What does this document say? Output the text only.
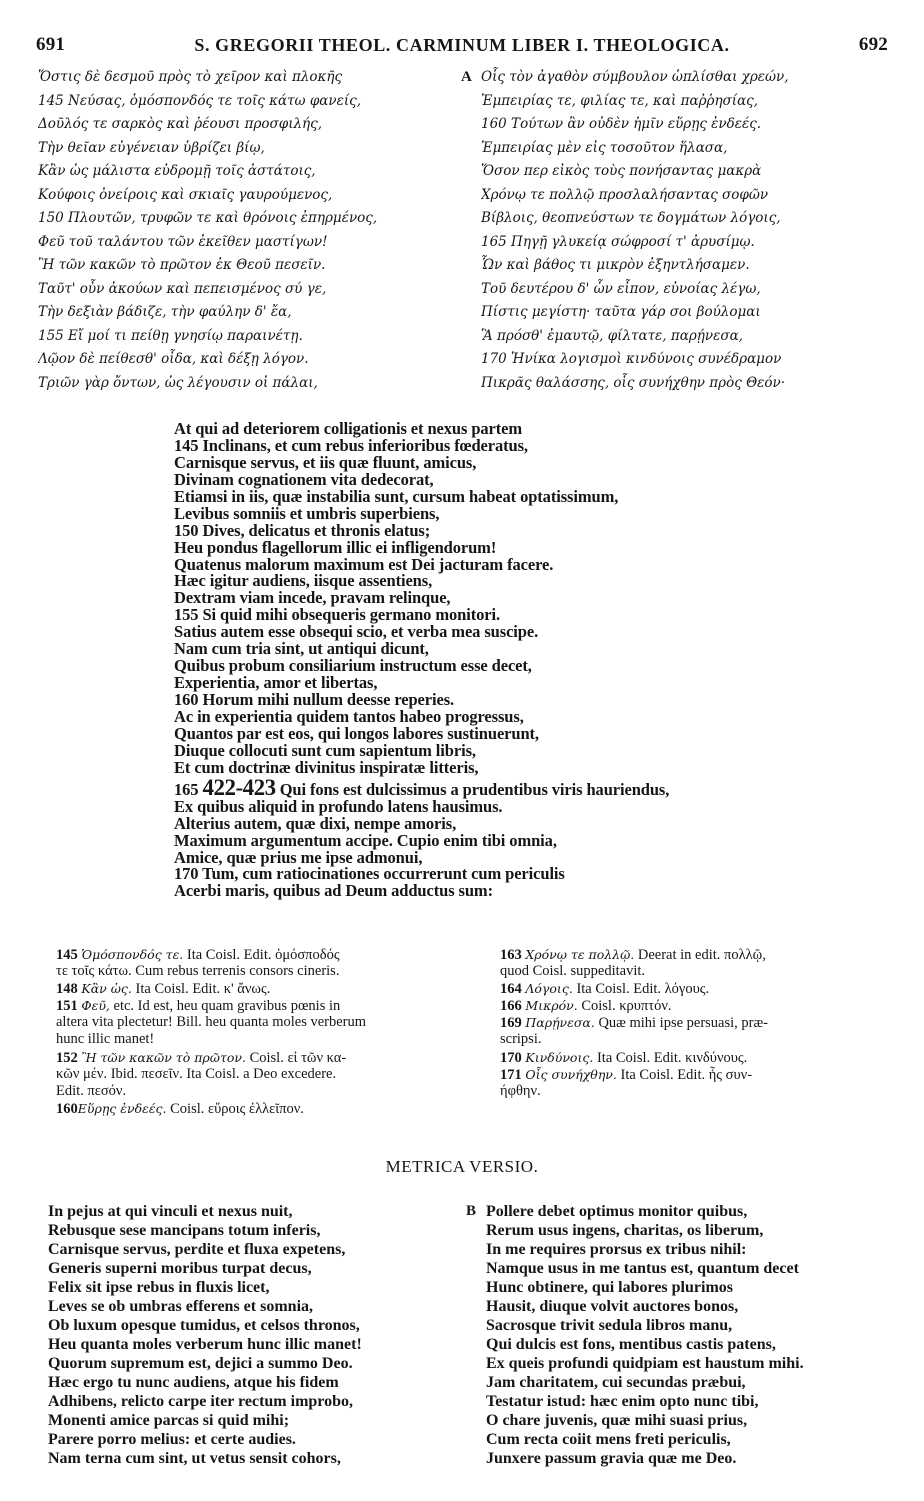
691	S. GREGORII THEOL. CARMINUM LIBER I. THEOLOGICA.	692
Ὅστις δὲ δεσμοῦ πρὸς τὸ χεῖρον καὶ πλοκῆς
145 Νεύσας, ὁμόσπονδός τε τοῖς κάτω φανείς,
Δοῦλός τε σαρκὸς καὶ ῥέουσι προσφιλής,
Τὴν θεῖαν εὐγένειαν ὑβρίζει βίῳ,
Κἂν ὡς μάλιστα εὐδρομῇ τοῖς ἀστάτοις,
Κούφοις ὀνείροις καὶ σκιαῖς γαυρούμενος,
150 Πλουτῶν, τρυφῶν τε καὶ θρόνοις ἐπηρμένος,
Φεῦ τοῦ ταλάντου τῶν ἐκεῖθεν μαστίγων!
Ἢ τῶν κακῶν τὸ πρῶτον ἐκ Θεοῦ πεσεῖν.
Ταῦτ' οὖν ἀκούων καὶ πεπεισμένος σύ γε,
Τὴν δεξιὰν βάδιζε, τὴν φαύλην δ' ἔα,
155 Εἴ μοί τι πείθῃ γνησίῳ παραινέτῃ.
Λῷον δὲ πείθεσθ' οἶδα, καὶ δέξῃ λόγον.
Τριῶν γὰρ ὄντων, ὡς λέγουσιν οἱ πάλαι,
A Οἷς τὸν ἀγαθὸν σύμβουλον ὡπλίσθαι χρεών,
Ἐμπειρίας τε, φιλίας τε, καὶ παῤῥησίας,
160 Τούτων ἂν οὐδὲν ἡμῖν εὕρῃς ἐνδεές.
Ἐμπειρίας μὲν εἰς τοσοῦτον ἥλασα,
Ὅσον περ εἰκὸς τοὺς πονήσαντας μακρὰ
Χρόνῳ τε πολλῷ προσλαλήσαντας σοφῶν
Βίβλοις, θεοπνεύστων τε δογμάτων λόγοις,
165 Πηγῇ γλυκείᾳ σώφροσί τ' ἀρυσίμῳ.
Ὧν καὶ βάθος τι μικρὸν ἐξηντλήσαμεν.
Τοῦ δευτέρου δ' ὧν εἶπον, εὐνοίας λέγω,
Πίστις μεγίστη· ταῦτα γάρ σοι βούλομαι
Ἃ πρόσθ' ἐμαυτῷ, φίλτατε, παρῄνεσα,
170 Ἡνίκα λογισμοὶ κινδύνοις συνέδραμον
Πικρᾶς θαλάσσης, οἷς συνήχθην πρὸς Θεόν·
At qui ad deteriorem colligationis et nexus partem
145 Inclinans, et cum rebus inferioribus fœderatus,
Carnisque servus, et iis quæ fluunt, amicus,
Divinam cognationem vita dedecorat,
Etiamsi in iis, quæ instabilia sunt, cursum habeat optatissimum,
Levibus somniis et umbris superbiens,
150 Dives, delicatus et thronis elatus;
Heu pondus flagellorum illic ei infligendorum!
Quatenus malorum maximum est Dei jacturam facere.
Hæc igitur audiens, iisque assentiens,
Dextram viam incede, pravam relinque,
155 Si quid mihi obsequeris germano monitori.
Satius autem esse obsequi scio, et verba mea suscipe.
Nam cum tria sint, ut antiqui dicunt,
Quibus probum consiliarium instructum esse decet,
Experientia, amor et libertas,
160 Horum mihi nullum deesse reperies.
Ac in experientia quidem tantos habeo progressus,
Quantos par est eos, qui longos labores sustinuerunt,
Diuque collocuti sunt cum sapientum libris,
Et cum doctrinæ divinitus inspiratæ litteris,
165 422-423 Qui fons est dulcissimus a prudentibus viris hauriendus,
Ex quibus aliquid in profundo latens hausimus.
Alterius autem, quæ dixi, nempe amoris,
Maximum argumentum accipe. Cupio enim tibi omnia,
Amice, quæ prius me ipse admonui,
170 Tum, cum ratiocinationes occurrerunt cum periculis
Acerbi maris, quibus ad Deum adductus sum:
145 Ὁμόσπονδός τε. Ita Coisl. Edit. ὁμόσποδός
τε τοῖς κάτω. Cum rebus terrenis consors cineris.
148 Κἂν ὡς. Ita Coisl. Edit. κ' ἄνως.
151 Φεῦ, etc. Id est, heu quam gravibus pœnis in
altera vita plectetur! Bill. heu quanta moles verberum
hunc illic manet!
152 Ἢ τῶν κακῶν τὸ πρῶτον. Coisl. εἰ τῶν κα-
κῶν μέν. Ibid. πεσεῖν. Ita Coisl. a Deo excedere.
Edit. πεσόν.
160Εὕρῃς ἐνδεές. Coisl. εὕροις ἐλλεῖπον.
163 Χρόνῳ τε πολλῷ. Deerat in edit. πολλῷ,
quod Coisl. suppeditavit.
164 Λόγοις. Ita Coisl. Edit. λόγους.
166 Μικρόν. Coisl. κρυπτόν.
169 Παρῄνεσα. Quæ mihi ipse persuasi, præ-
scripsi.
170 Κινδύνοις. Ita Coisl. Edit. κινδύνους.
171 Οἷς συνήχθην. Ita Coisl. Edit. ἧς συν-
ήφθην.
METRICA VERSIO.
In pejus at qui vinculi et nexus nuit,
Rebusque sese mancipans totum inferis,
Carnisque servus, perdite et fluxa expetens,
Generis superni moribus turpat decus,
Felix sit ipse rebus in fluxis licet,
Leves se ob umbras efferens et somnia,
Ob luxum opesque tumidus, et celsos thronos,
Heu quanta moles verberum hunc illic manet!
Quorum supremum est, dejici a summo Deo.
Hæc ergo tu nunc audiens, atque his fidem
Adhibens, relicto carpe iter rectum improbo,
Monenti amice parcas si quid mihi;
Parere porro melius: et certe audies.
Nam terna cum sint, ut vetus sensit cohors,
B Pollere debet optimus monitor quibus,
Rerum usus ingens, charitas, os liberum,
In me requires prorsus ex tribus nihil:
Namque usus in me tantus est, quantum decet
Hunc obtinere, qui labores plurimos
Hausit, diuque volvit auctores bonos,
Sacrosque trivit sedula libros manu,
Qui dulcis est fons, mentibus castis patens,
Ex queis profundi quidpiam est haustum mihi.
Jam charitatem, cui secundas præbui,
Testatur istud: hæc enim opto nunc tibi,
O chare juvenis, quæ mihi suasi prius,
Cum recta coiit mens freti periculis,
Junxere passum gravia quæ me Deo.
